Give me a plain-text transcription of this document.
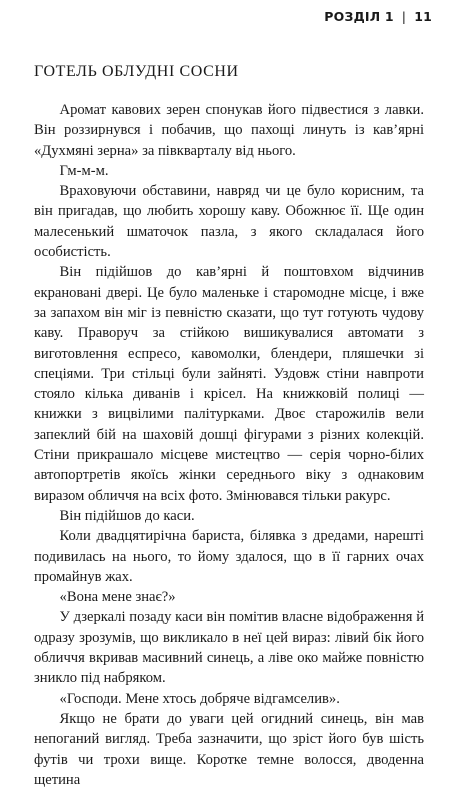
РОЗДІЛ 1 | 11
ГОТЕЛЬ ОБЛУДНІ СОСНИ

Аромат кавових зерен спонукав його підвестися з лавки. Він роззирнувся і побачив, що пахощі линуть із кав’ярні «Духмяні зерна» за півкварталу від нього.

Гм-м-м.

Враховуючи обставини, навряд чи це було корисним, та він пригадав, що любить хорошу каву. Обожнює її. Ще один малесенький шматочок пазла, з якого складалася його особистість.

Він підійшов до кав’ярні й поштовхом відчинив екрановані двері. Це було маленьке і старомодне місце, і вже за запахом він міг із певністю сказати, що тут готують чудову каву. Праворуч за стійкою вишикувалися автомати з виготовлення еспресо, кавомолки, блендери, пляшечки зі спеціями. Три стільці були зайняті. Уздовж стіни навпроти стояло кілька диванів і крісел. На книжковій полиці — книжки з вицвілими палітурками. Двоє старожилів вели запеклий бій на шаховій дошці фігурами з різних колекцій. Стіни прикрашало місцеве мистецтво — серія чорно-білих автопортретів якоїсь жінки середнього віку з однаковим виразом обличчя на всіх фото. Змінювався тільки ракурс.

Він підійшов до каси.

Коли двадцятирічна бариста, білявка з дредами, нарешті подивилась на нього, то йому здалося, що в її гарних очах промайнув жах.

«Вона мене знає?»

У дзеркалі позаду каси він помітив власне відображення й одразу зрозумів, що викликало в неї цей вираз: лівий бік його обличчя вкривав масивний синець, а ліве око майже повністю зникло під набряком.

«Господи. Мене хтось добряче відгамселив».

Якщо не брати до уваги цей огидний синець, він мав непоганий вигляд. Треба зазначити, що зріст його був шість футів чи трохи вище. Коротке темне волосся, дводенна щетина
